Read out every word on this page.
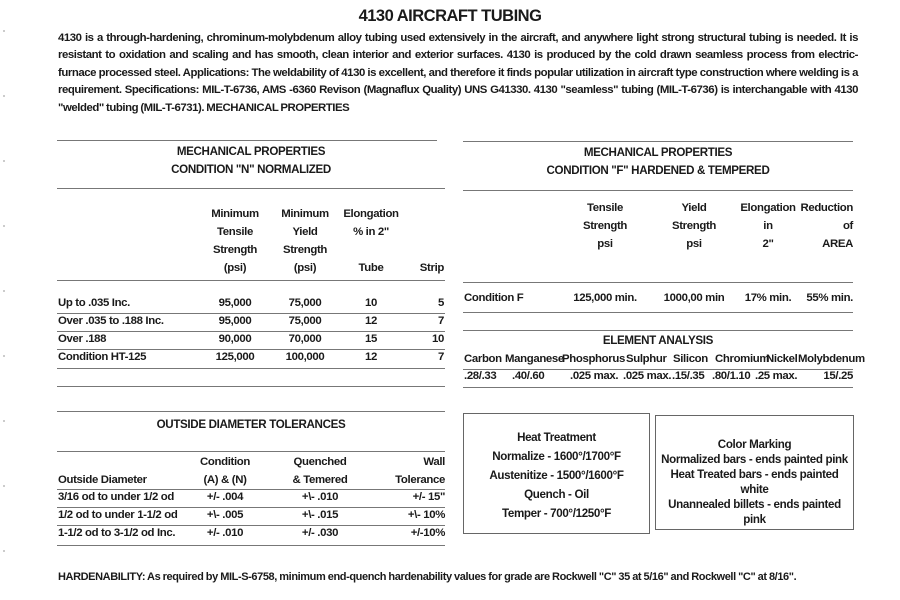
4130 AIRCRAFT TUBING
4130 is a through-hardening, chrominum-molybdenum alloy tubing used extensively in the aircraft, and anywhere light strong structural tubing is needed. It is resistant to oxidation and scaling and has smooth, clean interior and exterior surfaces. 4130 is produced by the cold drawn seamless process from electric-furnace processed steel. Applications: The weldability of 4130 is excellent, and therefore it finds popular utilization in aircraft type construction where welding is a requirement. Specifications: MIL-T-6736, AMS -6360 Revison (Magnaflux Quality) UNS G41330. 4130 "seamless" tubing (MIL-T-6736) is interchangable with 4130 "welded" tubing (MIL-T-6731). MECHANICAL PROPERTIES
MECHANICAL PROPERTIES
CONDITION "N" NORMALIZED
Minimum
Tensile
Strength
(psi)
Minimum
Yield
Strength
(psi)
Elongation
% in 2"
Tube	Strip
Up to .035 Inc.	95,000	75,000	10	5
Over .035 to .188 Inc.	95,000	75,000	12	7
Over .188	90,000	70,000	15	10
Condition HT-125	125,000	100,000	12	7
MECHANICAL PROPERTIES
CONDITION "F" HARDENED & TEMPERED
Tensile
Strength
psi
Yield
Strength
psi
Elongation
in
2"
Reduction
of
AREA
Condition F	125,000 min.	1000,00 min	17% min.	55% min.
ELEMENT ANALYSIS
Carbon Manganese
Phosphorus Sulphur Silicon Chromium
Nickel Molybdenum
.28/.33 .40/.60 .025 max. .025 max. .15/.35 .80/1.10 .25 max.	15/.25
OUTSIDE DIAMETER TOLERANCES
Outside Diameter
Condition
(A) & (N)
Quenched
& Temered
Wall
Tolerance
3/16 od to under 1/2 od	+/- .004	+\- .010	+/- 15"
1/2 od to under 1-1/2 od	+\- .005	+\- .015	+\- 10%
1-1/2 od to 3-1/2 od Inc.	+/- .010	+/- .030	+/-10%
Heat Treatment
Normalize - 1600°/1700°F
Austenitize - 1500°/1600°F
Quench - Oil
Temper - 700°/1250°F
Color Marking
Normalized bars - ends painted pink
Heat Treated bars - ends painted white
Unannealed billets - ends painted pink
HARDENABILITY: As required by MIL-S-6758, minimum end-quench hardenability values for grade are Rockwell "C" 35 at 5/16" and Rockwell "C" at 8/16".
